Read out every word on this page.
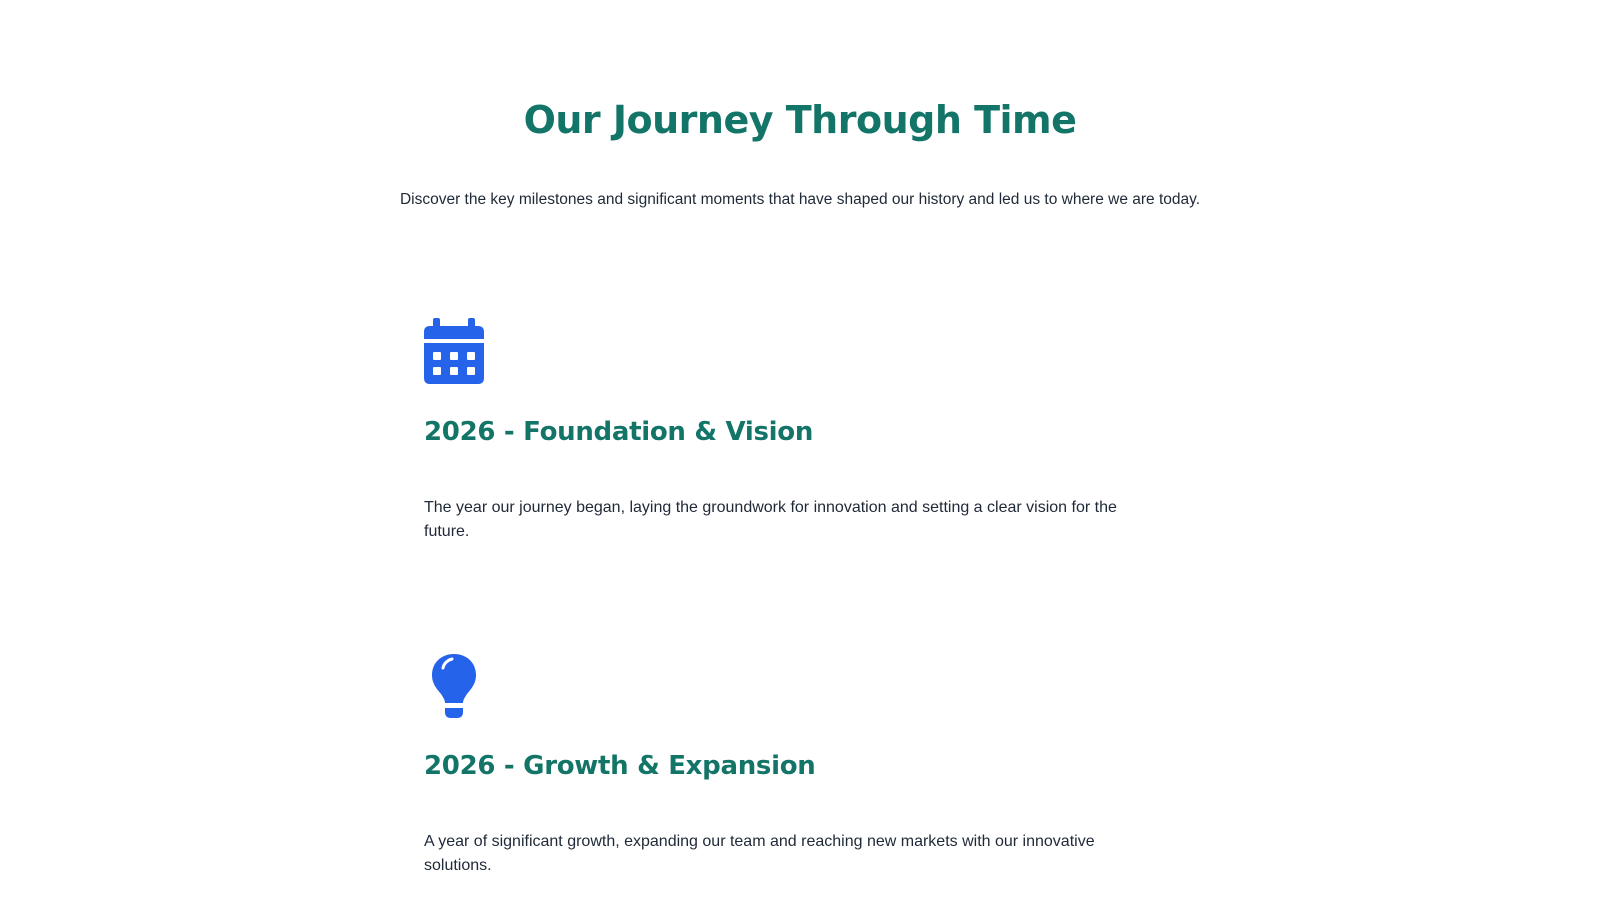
Our Journey Through Time

Discover the key milestones and significant moments that have shaped our history and led us to where we are today.

2026 - Foundation & Vision

The year our journey began, laying the groundwork for innovation and setting a clear vision for the future.

2026 - Growth & Expansion

A year of significant growth, expanding our team and reaching new markets with our innovative solutions.
